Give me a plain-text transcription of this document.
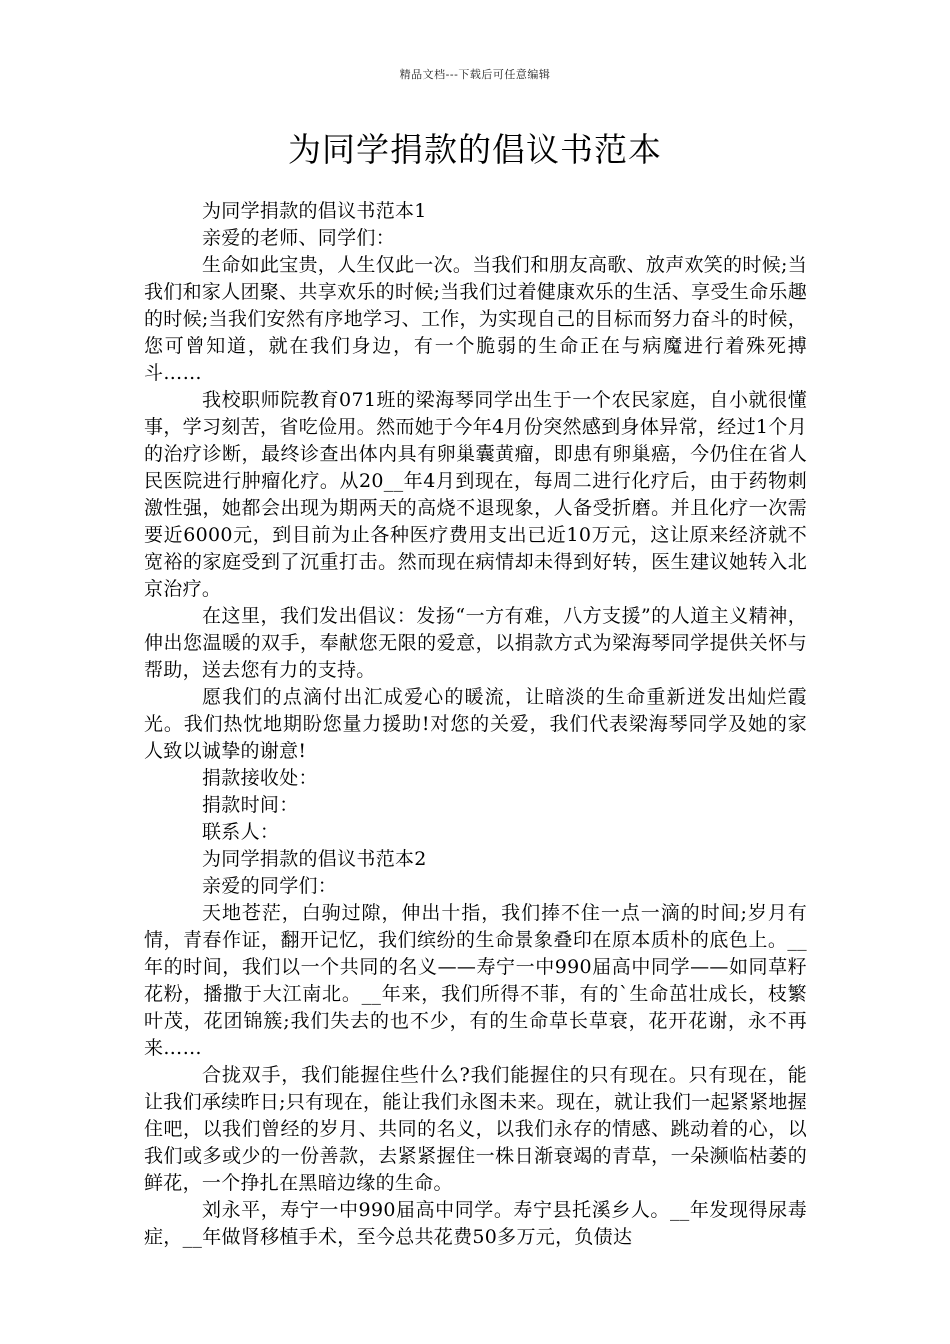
精品文档---下载后可任意编辑
为同学捐款的倡议书范本

为同学捐款的倡议书范本1

亲爱的老师、同学们：

生命如此宝贵，人生仅此一次。当我们和朋友高歌、放声欢笑的时候;当我们和家人团聚、共享欢乐的时候;当我们过着健康欢乐的生活、享受生命乐趣的时候;当我们安然有序地学习、工作，为实现自己的目标而努力奋斗的时候，您可曾知道，就在我们身边，有一个脆弱的生命正在与病魔进行着殊死搏斗……

我校职师院教育071班的梁海琴同学出生于一个农民家庭，自小就很懂事，学习刻苦，省吃俭用。然而她于今年4月份突然感到身体异常，经过1个月的治疗诊断，最终诊查出体内具有卵巢囊黄瘤，即患有卵巢癌，今仍住在省人民医院进行肿瘤化疗。从20__年4月到现在，每周二进行化疗后，由于药物刺激性强，她都会出现为期两天的高烧不退现象，人备受折磨。并且化疗一次需要近6000元，到目前为止各种医疗费用支出已近10万元，这让原来经济就不宽裕的家庭受到了沉重打击。然而现在病情却未得到好转，医生建议她转入北京治疗。

在这里，我们发出倡议：发扬“一方有难，八方支援”的人道主义精神，伸出您温暖的双手，奉献您无限的爱意，以捐款方式为梁海琴同学提供关怀与帮助，送去您有力的支持。

愿我们的点滴付出汇成爱心的暖流，让暗淡的生命重新迸发出灿烂霞光。我们热忱地期盼您量力援助!对您的关爱，我们代表梁海琴同学及她的家人致以诚挚的谢意!

捐款接收处：

捐款时间：

联系人：

为同学捐款的倡议书范本2

亲爱的同学们：

天地苍茫，白驹过隙，伸出十指，我们捧不住一点一滴的时间;岁月有情，青春作证，翻开记忆，我们缤纷的生命景象叠印在原本质朴的底色上。__年的时间，我们以一个共同的名义——寿宁一中990届高中同学——如同草籽花粉，播撒于大江南北。__年来，我们所得不菲，有的`生命茁壮成长，枝繁叶茂，花团锦簇;我们失去的也不少，有的生命草长草衰，花开花谢，永不再来……

合拢双手，我们能握住些什么?我们能握住的只有现在。只有现在，能让我们承续昨日;只有现在，能让我们永图未来。现在，就让我们一起紧紧地握住吧，以我们曾经的岁月、共同的名义，以我们永存的情感、跳动着的心，以我们或多或少的一份善款，去紧紧握住一株日渐衰竭的青草，一朵濒临枯萎的鲜花，一个挣扎在黑暗边缘的生命。

刘永平，寿宁一中990届高中同学。寿宁县托溪乡人。__年发现得尿毒症，__年做肾移植手术，至今总共花费50多万元，负债达
